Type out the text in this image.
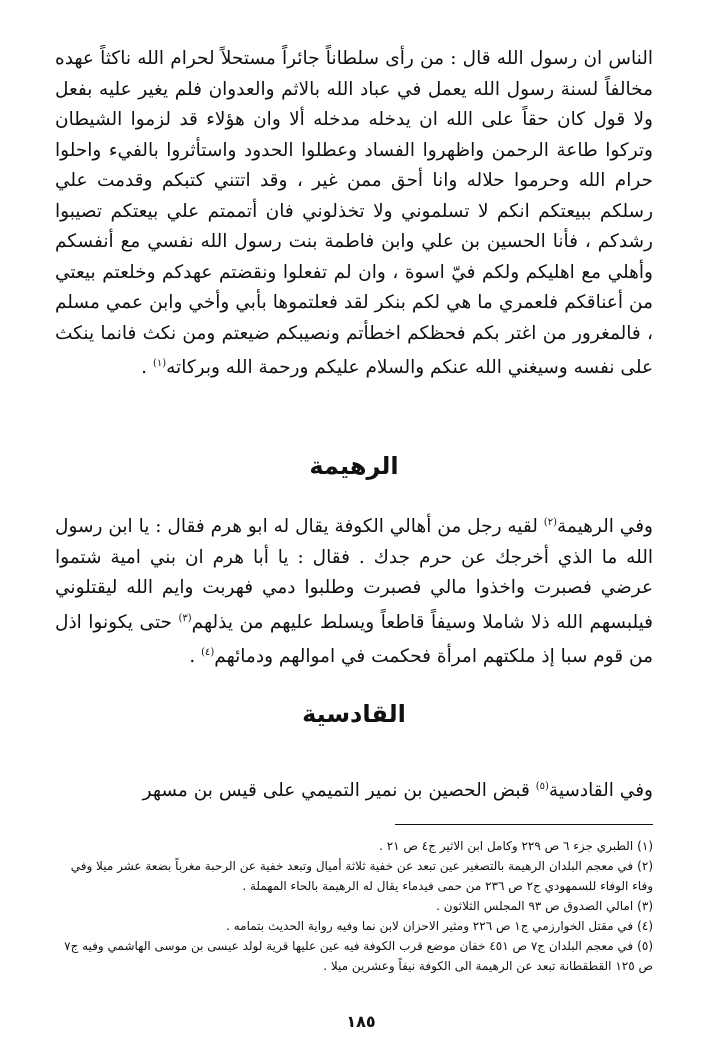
الناس ان رسول الله قال : من رأى سلطاناً جائراً مستحلاً لحرام الله ناكثاً عهده مخالفاً لسنة رسول الله يعمل في عباد الله بالاثم والعدوان فلم يغير عليه بفعل ولا قول كان حقاً على الله ان يدخله مدخله ألا وان هؤلاء قد لزموا الشيطان وتركوا طاعة الرحمن واظهروا الفساد وعطلوا الحدود واستأثروا بالفيء واحلوا حرام الله وحرموا حلاله وانا أحق ممن غير ، وقد اتتني كتبكم وقدمت علي رسلكم ببيعتكم انكم لا تسلموني ولا تخذلوني فان أتممتم علي بيعتكم تصيبوا رشدكم ، فأنا الحسين بن علي وابن فاطمة بنت رسول الله نفسي مع أنفسكم وأهلي مع اهليكم ولكم فيّ اسوة ، وان لم تفعلوا ونقضتم عهدكم وخلعتم بيعتي من أعناقكم فلعمري ما هي لكم بنكر لقد فعلتموها بأبي وأخي وابن عمي مسلم ، فالمغرور من اغتر بكم فحظكم اخطأتم ونصيبكم ضيعتم ومن نكث فانما ينكث على نفسه وسيغني الله عنكم والسلام عليكم ورحمة الله وبركاته$^{(١)}$ .

الرهيمة
وفي الرهيمة$^{(٢)}$ لقيه رجل من أهالي الكوفة يقال له ابو هرم فقال : يا ابن رسول الله ما الذي أخرجك عن حرم جدك . فقال : يا أبا هرم ان بني امية شتموا عرضي فصبرت واخذوا مالي فصبرت وطلبوا دمي فهربت وايم الله ليقتلوني فيلبسهم الله ذلا شاملا وسيفاً قاطعاً ويسلط عليهم من يذلهم$^{(٣)}$ حتى يكونوا اذل من قوم سبا إذ ملكتهم امرأة فحكمت في اموالهم ودمائهم$^{(٤)}$ .
القادسية
وفي القادسية$^{(٥)}$ قبض الحصين بن نمير التميمي على قيس بن مسهر

(١)الطبري جزء ٦ ص ٢٢٩ وكامل ابن الاثير ج٤ ص ٢١ .

(٢)في معجم البلدان الرهيمة بالتصغير عين تبعد عن خفية ثلاثة أميال وتبعد خفية عن الرحبة مغرباً بضعة عشر ميلا وفي وفاء الوفاء للسمهودي ج٢ ص ٢٣٦ من حمى فيدماء يقال له الرهيمة بالحاء المهملة .

(٣)امالي الصدوق ص ٩٣ المجلس الثلاثون .

(٤)في مقتل الخوارزمي ج١ ص ٢٢٦ ومثير الاحزان لابن نما وفيه رواية الحديث بتمامه .

(٥)في معجم البلدان ج٧ ص ٤٥١ خفان موضع قرب الكوفة فيه عين عليها قرية لولد عيسى بن موسى الهاشمي وفيه ج٧ ص ١٢٥ القطقطانة تبعد عن الرهيمة الى الكوفة نيفاً وعشرين ميلا .

١٨٥
